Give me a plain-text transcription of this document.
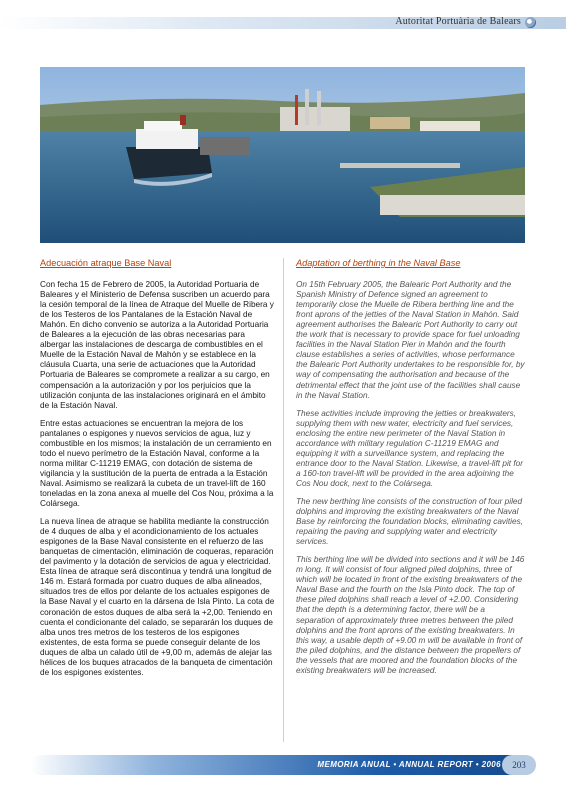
Autoritat Portuària de Balears
Adecuación atraque Base Naval

Con fecha 15 de Febrero de 2005, la Autoridad Portuaria de Baleares y el Ministerio de Defensa suscriben un acuerdo para la cesión temporal de la línea de Atraque del Muelle de Ribera y de los Testeros de los Pantalanes de la Estación Naval de Mahón. En dicho convenio se autoriza a la Autoridad Portuaria de Baleares a la ejecución de las obras necesarias para albergar las instalaciones de descarga de combustibles en el Muelle de la Estación Naval de Mahón y se establece en la cláusula Cuarta, una serie de actuaciones que la Autoridad Portuaria de Baleares se compromete a realizar a su cargo, en compensación a la autorización y por los perjuicios que la utilización conjunta de las instalaciones originará en el ámbito de la Estación Naval.

Entre estas actuaciones se encuentran la mejora de los pantalanes o espigones y nuevos servicios de agua, luz y combustible en los mismos; la instalación de un cerramiento en todo el nuevo perímetro de la Estación Naval, conforme a la norma militar C-11219 EMAG, con dotación de sistema de vigilancia y la sustitución de la puerta de entrada a la Estación Naval. Asimismo se realizará la cubeta de un travel-lift de 160 toneladas en la zona anexa al muelle del Cos Nou, próxima a la Colársega.

La nueva línea de atraque se habilita mediante la construcción de 4 duques de alba y el acondicionamiento de los actuales espigones de la Base Naval consistente en el refuerzo de las banquetas de cimentación, eliminación de coqueras, reparación del pavimento y la dotación de servicios de agua y electricidad.

Esta línea de atraque será discontinua y tendrá una longitud de 146 m. Estará formada por cuatro duques de alba alineados, situados tres de ellos por delante de los actuales espigones de la Base Naval y el cuarto en la dársena de Isla Pinto. La cota de coronación de estos duques de alba será la +2,00. Teniendo en cuenta el condicionante del calado, se separarán los duques de alba unos tres metros de los testeros de los espigones existentes, de esta forma se puede conseguir delante de los duques de alba un calado útil de +9,00 m, además de alejar las hélices de los buques atracados de la banqueta de cimentación de los espigones existentes.

Adaptation of berthing in the Naval Base

On 15th February 2005, the Balearic Port Authority and the Spanish Ministry of Defence signed an agreement to temporarily close the Muelle de Ribera berthing line and the front aprons of the jetties of the Naval Station in Mahón. Said agreement authorises the Balearic Port Authority to carry out the work that is necessary to provide space for fuel unloading facilities in the Naval Station Pier in Mahón and the fourth clause establishes a series of activities, whose performance the Balearic Port Authority undertakes to be responsible for, by way of compensating the authorisation and because of the detrimental effect that the joint use of the facilities shall cause in the Naval Station.

These activities include improving the jetties or breakwaters, supplying them with new water, electricity and fuel services, enclosing the entire new perimeter of the Naval Station in accordance with military regulation C-11219 EMAG and equipping it with a surveillance system, and replacing the entrance door to the Naval Station. Likewise, a travel-lift pit for a 160-ton travel-lift will be provided in the area adjoining the Cos Nou dock, next to the Colársega.

The new berthing line consists of the construction of four piled dolphins and improving the existing breakwaters of the Naval Base by reinforcing the foundation blocks, eliminating cavities, repairing the paving and supplying water and electricity services.

This berthing line will be divided into sections and it will be 146 m long. It will consist of four aligned piled dolphins, three of which will be located in front of the existing breakwaters of the Naval Base and the fourth on the Isla Pinto dock. The top of these piled dolphins shall reach a level of +2.00. Considering that the depth is a determining factor, there will be a separation of approximately three metres between the piled dolphins and the front aprons of the existing breakwaters. In this way, a usable depth of +9.00 m will be available in front of the piled dolphins, and the distance between the propellers of the vessels that are moored and the foundation blocks of the existing breakwaters will be increased.

MEMORIA ANUAL • ANNUAL REPORT • 2006	203
